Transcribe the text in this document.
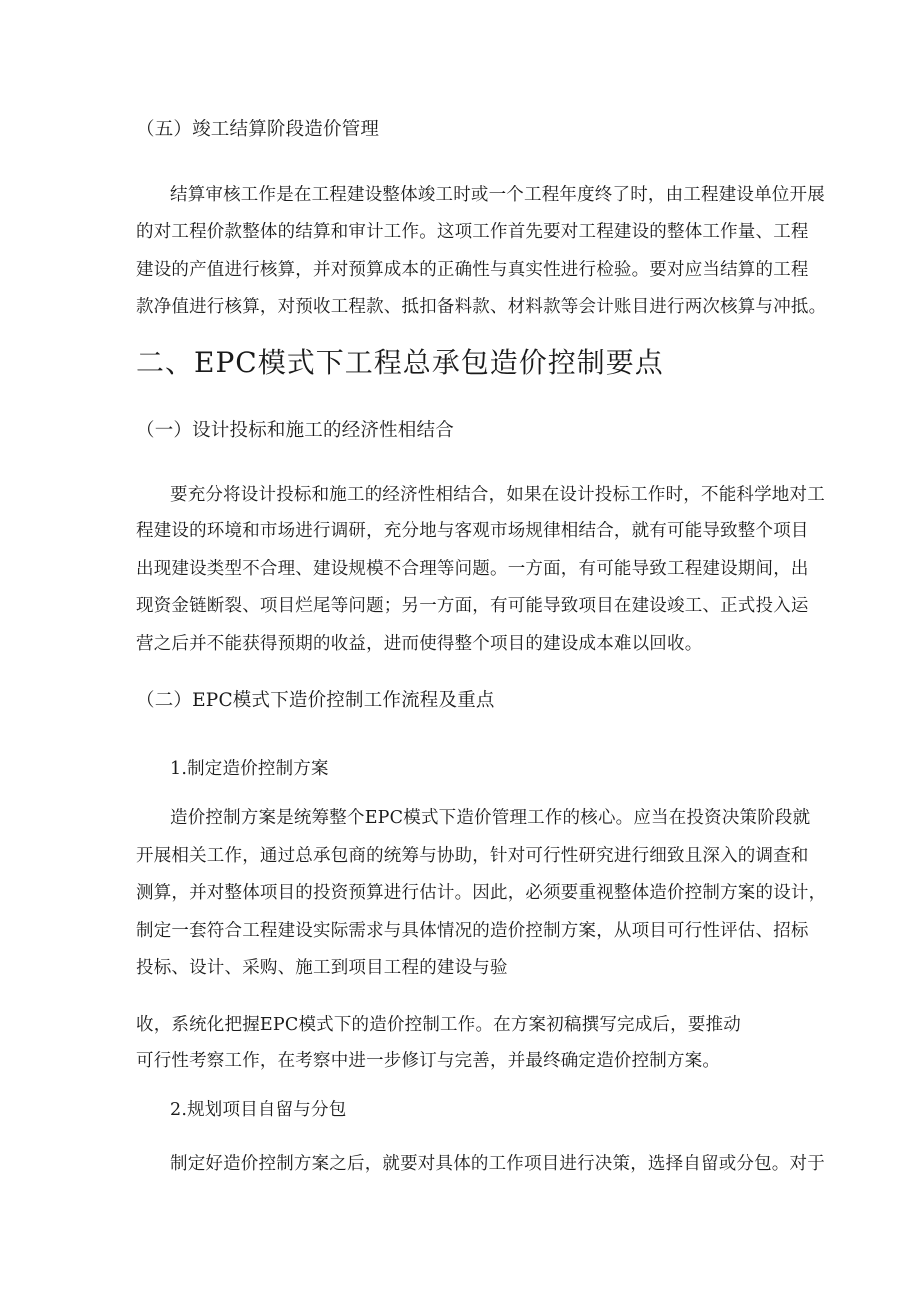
（五）竣工结算阶段造价管理
结算审核工作是在工程建设整体竣工时或一个工程年度终了时，由工程建设单位开展
的对工程价款整体的结算和审计工作。这项工作首先要对工程建设的整体工作量、工程
建设的产值进行核算，并对预算成本的正确性与真实性进行检验。要对应当结算的工程
款净值进行核算，对预收工程款、抵扣备料款、材料款等会计账目进行两次核算与冲抵。
二、EPC模式下工程总承包造价控制要点
（一）设计投标和施工的经济性相结合
要充分将设计投标和施工的经济性相结合，如果在设计投标工作时，不能科学地对工
程建设的环境和市场进行调研，充分地与客观市场规律相结合，就有可能导致整个项目
出现建设类型不合理、建设规模不合理等问题。一方面，有可能导致工程建设期间，出
现资金链断裂、项目烂尾等问题；另一方面，有可能导致项目在建设竣工、正式投入运
营之后并不能获得预期的收益，进而使得整个项目的建设成本难以回收。
（二）EPC模式下造价控制工作流程及重点
1.制定造价控制方案
造价控制方案是统筹整个EPC模式下造价管理工作的核心。应当在投资决策阶段就
开展相关工作，通过总承包商的统筹与协助，针对可行性研究进行细致且深入的调查和
测算，并对整体项目的投资预算进行估计。因此，必须要重视整体造价控制方案的设计，
制定一套符合工程建设实际需求与具体情况的造价控制方案，从项目可行性评估、招标
投标、设计、采购、施工到项目工程的建设与验
收，系统化把握EPC模式下的造价控制工作。在方案初稿撰写完成后，要推动
可行性考察工作，在考察中进一步修订与完善，并最终确定造价控制方案。
2.规划项目自留与分包
制定好造价控制方案之后，就要对具体的工作项目进行决策，选择自留或分包。对于
